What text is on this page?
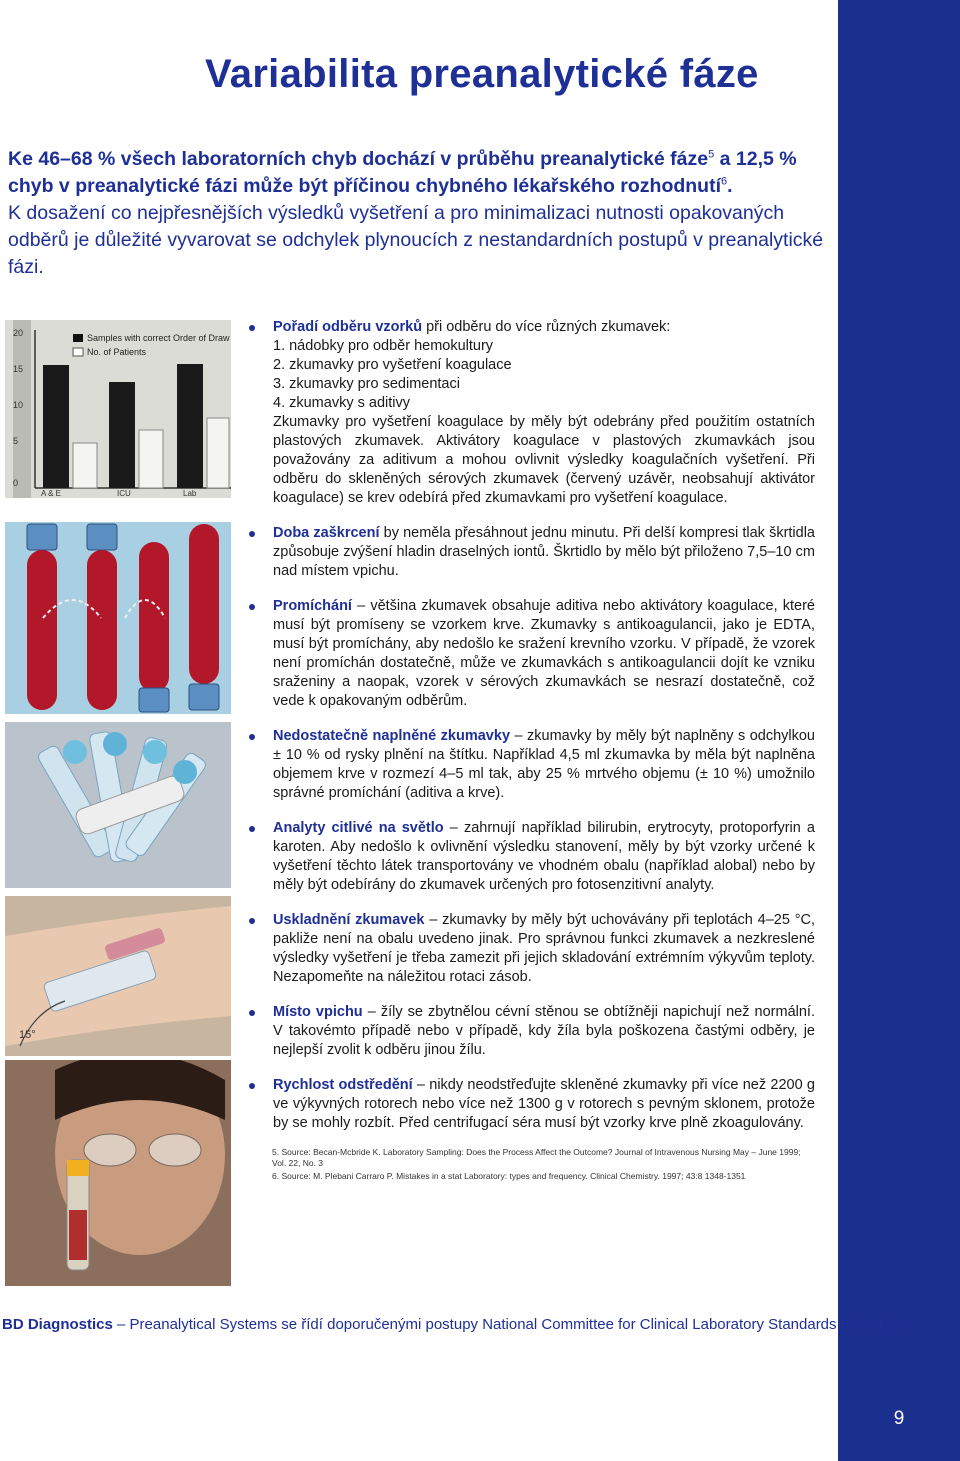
9
Variabilita preanalytické fáze

Ke 46–68 % všech laboratorních chyb dochází v průběhu preanalytické fáze$^5$ a 12,5 % chyb v preanalytické fázi může být příčinou chybného lékařského rozhodnutí$^6$.

K dosažení co nejpřesnějších výsledků vyšetření a pro minimalizaci nutnosti opakovaných odběrů je důležité vyvarovat se odchylek plynoucích z nestandardních postupů v preanalytické fázi.

20
15
10
5
0
Samples with correct Order of Draw
No. of Patients
A & E	ICU	Lab
15°

Pořadí odběru vzorků při odběru do více různých zkumavek:

1. nádobky pro odběr hemokultury
2. zkumavky pro vyšetření koagulace
3. zkumavky pro sedimentaci
4. zkumavky s aditivy

Zkumavky pro vyšetření koagulace by měly být odebrány před použitím ostatních plastových zkumavek. Aktivátory koagulace v plastových zkumavkách jsou považovány za aditivum a mohou ovlivnit výsledky koagulačních vyšetření. Při odběru do skleněných sérových zkumavek (červený uzávěr, neobsahují aktivátor koagulace) se krev odebírá před zkumavkami pro vyšetření koagulace.

Doba zaškrcení by neměla přesáhnout jednu minutu. Při delší kompresi tlak škrtidla způsobuje zvýšení hladin draselných iontů. Škrtidlo by mělo být přiloženo 7,5–10 cm nad místem vpichu.

Promíchání – většina zkumavek obsahuje aditiva nebo aktivátory koagulace, které musí být promíseny se vzorkem krve. Zkumavky s antikoagulancii, jako je EDTA, musí být promíchány, aby nedošlo ke sražení krevního vzorku. V případě, že vzorek není promíchán dostatečně, může ve zkumavkách s antikoagulancii dojít ke vzniku sraženiny a naopak, vzorek v sérových zkumavkách se nesrazí dostatečně, což vede k opakovaným odběrům.

Nedostatečně naplněné zkumavky – zkumavky by měly být naplněny s odchylkou ± 10 % od rysky plnění na štítku. Například 4,5 ml zkumavka by měla být naplněna objemem krve v rozmezí 4–5 ml tak, aby 25 % mrtvého objemu (± 10 %) umožnilo správné promíchání (aditiva a krve).

Analyty citlivé na světlo – zahrnují například bilirubin, erytrocyty, protoporfyrin a karoten. Aby nedošlo k ovlivnění výsledku stanovení, měly by být vzorky určené k vyšetření těchto látek transportovány ve vhodném obalu (například alobal) nebo by měly být odebírány do zkumavek určených pro fotosenzitivní analyty.

Uskladnění zkumavek – zkumavky by měly být uchovávány při teplotách 4–25 °C, pakliže není na obalu uvedeno jinak. Pro správnou funkci zkumavek a nezkreslené výsledky vyšetření je třeba zamezit při jejich skladování extrémním výkyvům teploty. Nezapomeňte na náležitou rotaci zásob.

Místo vpichu – žíly se zbytnělou cévní stěnou se obtížněji napichují než normální. V takovémto případě nebo v případě, kdy žíla byla poškozena častými odběry, je nejlepší zvolit k odběru jinou žílu.

Rychlost odstředění – nikdy neodstřeďujte skleněné zkumavky při více než 2200 g ve výkyvných rotorech nebo více než 1300 g v rotorech s pevným sklonem, protože by se mohly rozbít. Před centrifugací séra musí být vzorky krve plně zkoagulovány.

5. Source: Becan-Mcbride K. Laboratory Sampling: Does the Process Affect the Outcome? Journal of Intravenous Nursing May – June 1999; Vol. 22, No. 3

6. Source: M. Plebani Carraro P. Mistakes in a stat Laboratory: types and frequency. Clinical Chemistry. 1997; 43:8 1348-1351

BD Diagnostics – Preanalytical Systems se řídí doporučenými postupy National Committee for Clinical Laboratory Standards (NCCLS)
